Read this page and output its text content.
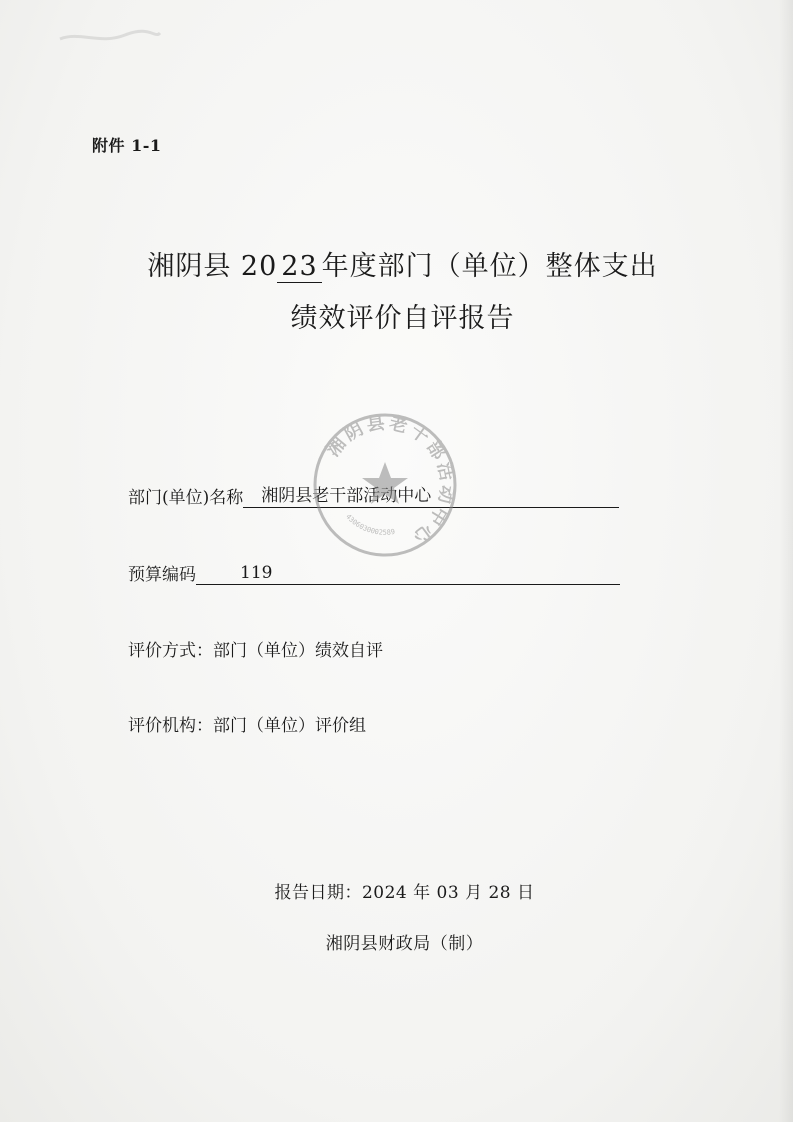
附件 1-1
湘阴县 20 23 年度部门（单位）整体支出
绩效评价自评报告
部门(单位)名称	湘阴县老干部活动中心
预算编码	119
评价方式：部门（单位）绩效自评
评价机构：部门（单位）评价组
报告日期：2024 年 03 月 28 日
湘阴县财政局（制）
湘阴县老干部活动中心
4306030002589
